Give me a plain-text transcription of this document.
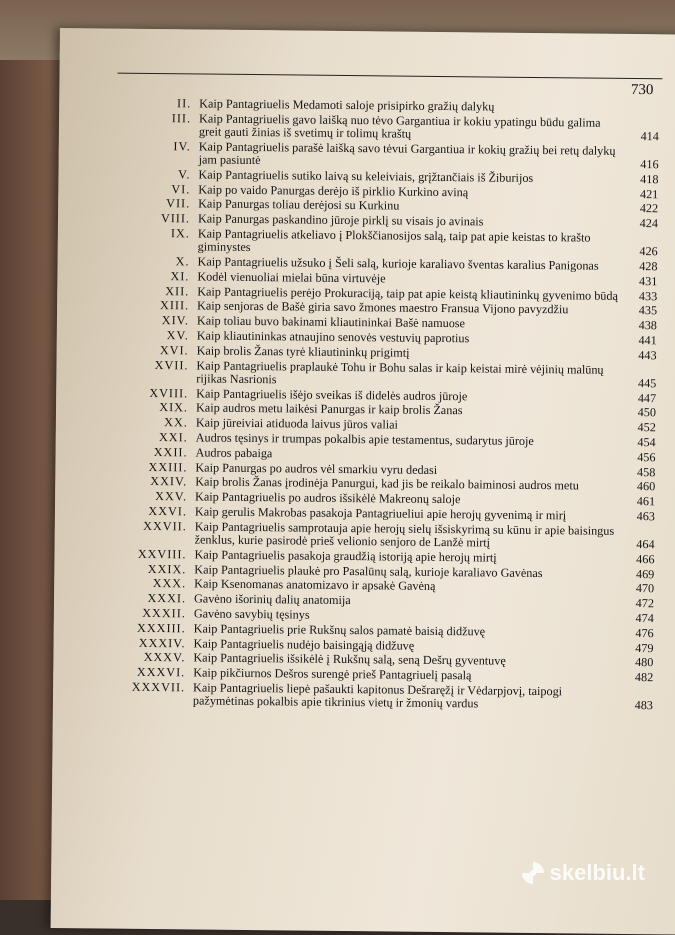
730
II. Kaip Pantagriuelis Medamoti saloje prisipirko gražių dalykų
III. Kaip Pantagriuelis gavo laišką nuo tėvo Gargantiua ir kokiu ypatingu būdu galima greit gauti žinias iš svetimų ir tolimų kraštų	414
IV. Kaip Pantagriuelis parašė laišką savo tėvui Gargantiua ir kokių gražių bei retų dalykų jam pasiuntė	416
V. Kaip Pantagriuelis sutiko laivą su keleiviais, grįžtančiais iš Žiburijos	418
VI. Kaip po vaido Panurgas derėjo iš pirklio Kurkino aviną	421
VII. Kaip Panurgas toliau derėjosi su Kurkinu	422
VIII. Kaip Panurgas paskandino jūroje pirklį su visais jo avinais	424
IX. Kaip Pantagriuelis atkeliavo į Plokščianosijos salą, taip pat apie keistas to krašto giminystes	426
X. Kaip Pantagriuelis užsuko į Šeli salą, kurioje karaliavo šventas karalius Panigonas	428
XI. Kodėl vienuoliai mielai būna virtuvėje	431
XII. Kaip Pantagriuelis perėjo Prokuraciją, taip pat apie keistą kliautininkų gyvenimo būdą	433
XIII. Kaip senjoras de Bašė giria savo žmones maestro Fransua Vijono pavyzdžiu	435
XIV. Kaip toliau buvo bakinami kliautininkai Bašė namuose	438
XV. Kaip kliautininkas atnaujino senovės vestuvių paprotius	441
XVI. Kaip brolis Žanas tyrė kliautininkų prigimtį	443
XVII. Kaip Pantagriuelis praplaukė Tohu ir Bohu salas ir kaip keistai mirė vėjinių malūnų rijikas Nasrionis	445
XVIII. Kaip Pantagriuelis išėjo sveikas iš didelės audros jūroje	447
XIX. Kaip audros metu laikėsi Panurgas ir kaip brolis Žanas	450
XX. Kaip jūreiviai atiduoda laivus jūros valiai	452
XXI. Audros tęsinys ir trumpas pokalbis apie testamentus, sudarytus jūroje	454
XXII. Audros pabaiga	456
XXIII. Kaip Panurgas po audros vėl smarkiu vyru dedasi	458
XXIV. Kaip brolis Žanas įrodinėja Panurgui, kad jis be reikalo baiminosi audros metu	460
XXV. Kaip Pantagriuelis po audros išsikėlė Makreonų saloje	461
XXVI. Kaip gerulis Makrobas pasakoja Pantagriueliui apie herojų gyvenimą ir mirį	463
XXVII. Kaip Pantagriuelis samprotauja apie herojų sielų išsiskyrimą su kūnu ir apie baisingus ženklus, kurie pasirodė prieš velionio senjoro de Lanžė mirtį	464
XXVIII. Kaip Pantagriuelis pasakoja graudžią istoriją apie herojų mirtį	466
XXIX. Kaip Pantagriuelis plaukė pro Pasalūnų salą, kurioje karaliavo Gavėnas	469
XXX. Kaip Ksenomanas anatomizavo ir apsakė Gavėną	470
XXXI. Gavėno išorinių dalių anatomija	472
XXXII. Gavėno savybių tęsinys	474
XXXIII. Kaip Pantagriuelis prie Rukšnų salos pamatė baisią didžuvę	476
XXXIV. Kaip Pantagriuelis nudėjo baisingąją didžuvę	479
XXXV. Kaip Pantagriuelis išsikėlė į Rukšnų salą, seną Dešrų gyventuvę	480
XXXVI. Kaip pikčiurnos Dešros surengė prieš Pantagriuelį pasalą	482
XXXVII. Kaip Pantagriuelis liepė pašaukti kapitonus Dešraręžį ir Vėdarpjovį, taipogi pažymėtinas pokalbis apie tikrinius vietų ir žmonių vardus	483
skelbiu.lt
